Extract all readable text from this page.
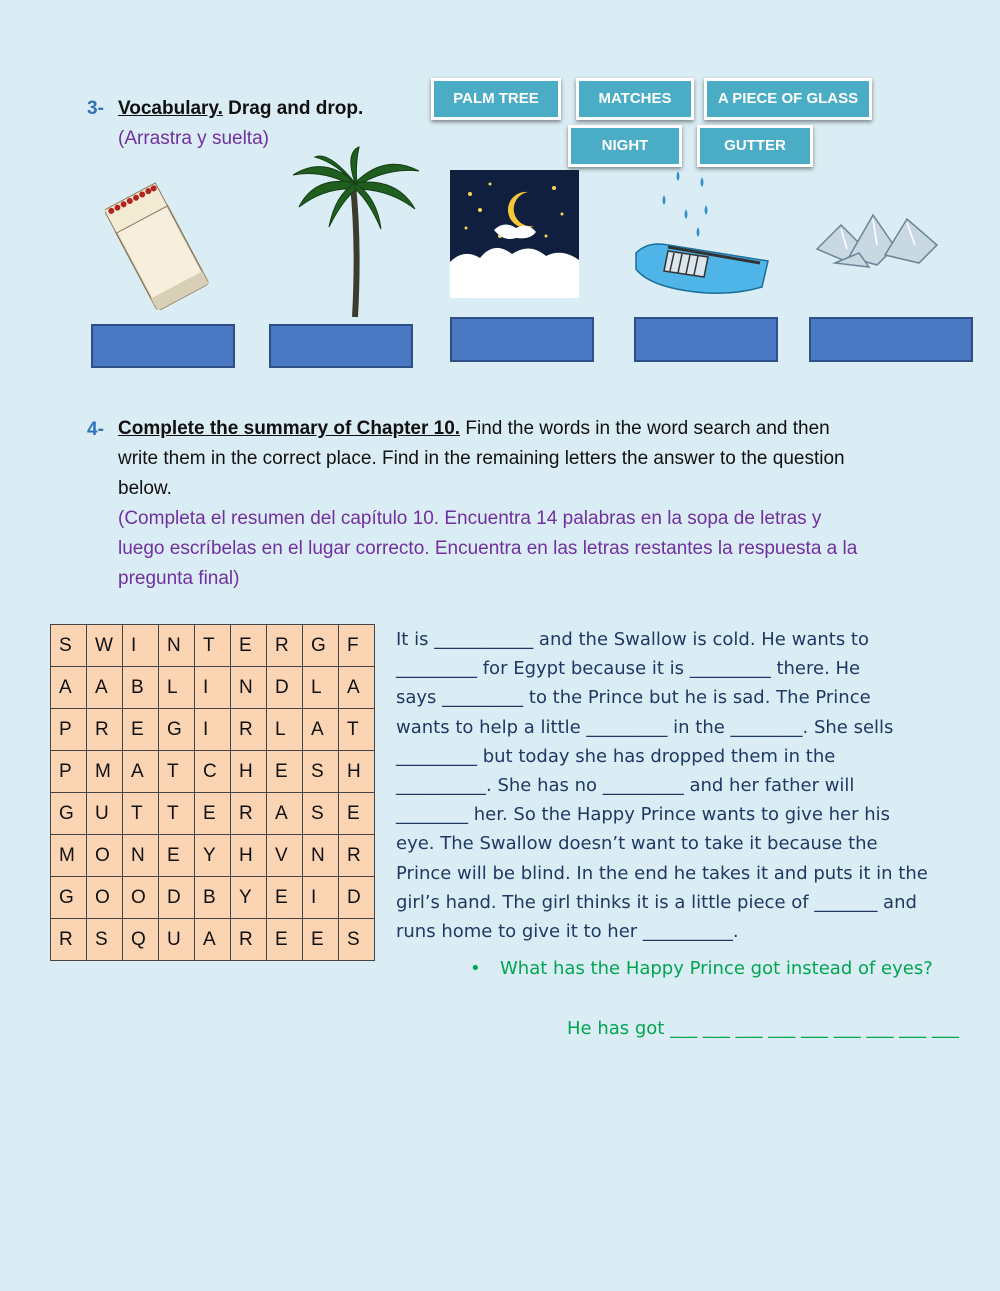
3- Vocabulary. Drag and drop.
(Arrastra y suelta)
PALM TREE	MATCHES	A PIECE OF GLASS
NIGHT	GUTTER
4- Complete the summary of Chapter 10. Find the words in the word search and then
write them in the correct place. Find in the remaining letters the answer to the question
below.
(Completa el resumen del capítulo 10. Encuentra 14 palabras en la sopa de letras y
luego escríbelas en el lugar correcto. Encuentra en las letras restantes la respuesta a la
pregunta final)
S	W	I	N	T	E	R	G	F
A	A	B	L	I	N	D	L	A
P	R	E	G	I	R	L	A	T
P	M	A	T	C	H	E	S	H
G	U	T	T	E	R	A	S	E
M	O	N	E	Y	H	V	N	R
G	O	O	D	B	Y	E	I	D
R	S	Q	U	A	R	E	E	S
It is ___________ and the Swallow is cold. He wants to
_________ for Egypt because it is _________ there. He
says _________ to the Prince but he is sad. The Prince
wants to help a little _________ in the ________. She sells
_________ but today she has dropped them in the
__________. She has no _________ and her father will
________ her. So the Happy Prince wants to give her his
eye. The Swallow doesn’t want to take it because the
Prince will be blind. In the end he takes it and puts it in the
girl’s hand. The girl thinks it is a little piece of _______ and
runs home to give it to her __________.
• What has the Happy Prince got instead of eyes?
He has got ___ ___ ___ ___ ___ ___ ___ ___ ___
